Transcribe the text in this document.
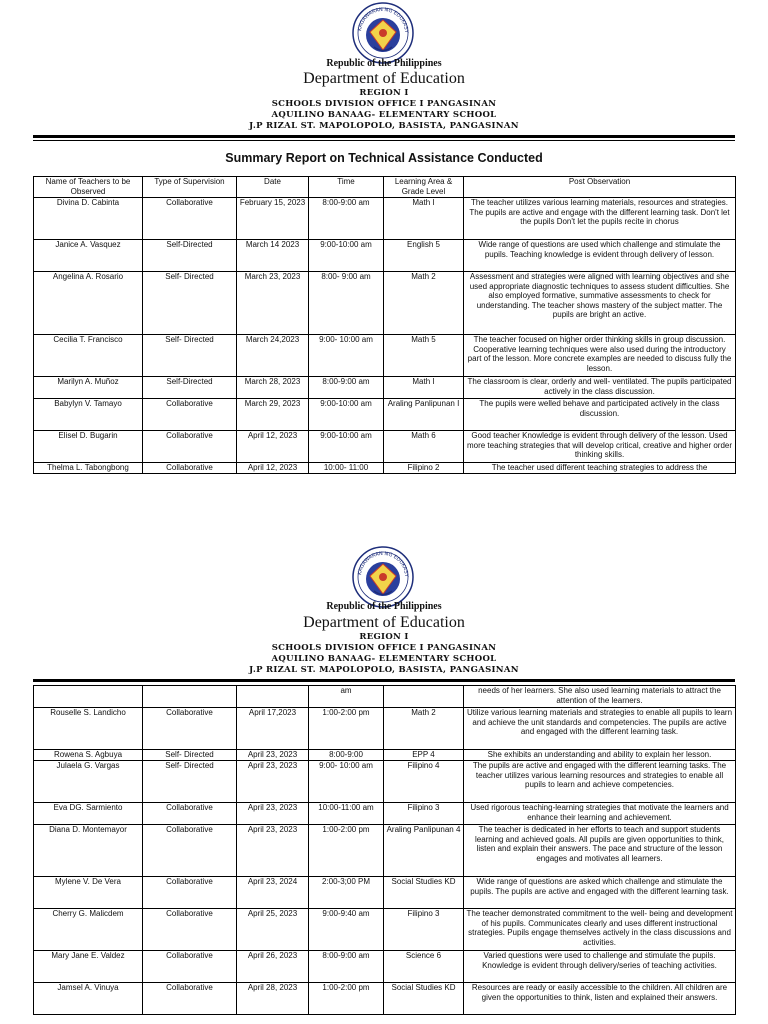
KAGAWARAN NG EDUKASY
Republic of the Philippines
Department of Education
REGION I
SCHOOLS DIVISION OFFICE I PANGASINAN
AQUILINO BANAAG- ELEMENTARY SCHOOL
J.P RIZAL ST. MAPOLOPOLO, BASISTA, PANGASINAN
Summary Report on Technical Assistance Conducted
Name of Teachers to be Observed	Type of Supervision	Date	Time	Learning Area & Grade Level	Post Observation
Divina D. Cabinta	Collaborative	February 15, 2023	8:00-9:00 am	Math I	The teacher utilizes various learning materials, resources and strategies. The pupils are active and engage with the different learning task. Don't let the pupils Don't let the pupils recite in chorus
Janice A. Vasquez	Self-Directed	March 14 2023	9:00-10:00 am	English 5	Wide range of questions are used which challenge and stimulate the pupils. Teaching knowledge is evident through delivery of lesson.
Angelina A. Rosario	Self- Directed	March 23, 2023	8:00- 9:00 am	Math 2	Assessment and strategies were aligned with learning objectives and she used appropriate diagnostic techniques to assess student difficulties. She also employed formative, summative assessments to check for understanding. The teacher shows mastery of the subject matter. The pupils are bright an active.
Cecilia T. Francisco	Self- Directed	March 24,2023	9:00- 10:00 am	Math 5	The teacher focused on higher order thinking skills in group discussion. Cooperative learning techniques were also used during the introductory part of the lesson. More concrete examples are needed to discuss fully the lesson.
Marilyn A. Muñoz	Self-Directed	March 28, 2023	8:00-9:00 am	Math I	The classroom is clear, orderly and well- ventilated. The pupils participated actively in the class discussion.
Babylyn V. Tamayo	Collaborative	March 29, 2023	9:00-10:00 am	Araling Panlipunan I	The pupils were welled behave and participated actively in the class discussion.
Elisel D. Bugarin	Collaborative	April 12, 2023	9:00-10:00 am	Math 6	Good teacher Knowledge is evident through delivery of the lesson. Used more teaching strategies that will develop critical, creative and higher order thinking skills.
Thelma L. Tabongbong	Collaborative	April 12, 2023	10:00- 11:00	Filipino 2	The teacher used different teaching strategies to address the
KAGAWARAN NG EDUKASY
Republic of the Philippines
Department of Education
REGION I
SCHOOLS DIVISION OFFICE I PANGASINAN
AQUILINO BANAAG- ELEMENTARY SCHOOL
J.P RIZAL ST. MAPOLOPOLO, BASISTA, PANGASINAN
			am		needs of her learners. She also used learning materials to attract the attention of the learners.
Rouselle S. Landicho	Collaborative	April 17,2023	1:00-2:00 pm	Math 2	Utilize various learning materials and strategies to enable all pupils to learn and achieve the unit standards and competencies. The pupils are active and engaged with the different learning task.
Rowena S. Agbuya	Self- Directed	April 23, 2023	8:00-9:00	EPP 4	She exhibits an understanding and ability to explain her lesson.
Julaela G. Vargas	Self- Directed	April 23, 2023	9:00- 10:00 am	Filipino 4	The pupils are active and engaged with the different learning tasks. The teacher utilizes various learning resources and strategies to enable all pupils to learn and achieve competencies.
Eva DG. Sarmiento	Collaborative	April 23, 2023	10:00-11:00 am	Filipino 3	Used rigorous teaching-learning strategies that motivate the learners and enhance their learning and achievement.
Diana D. Montemayor	Collaborative	April 23, 2023	1:00-2:00 pm	Araling Panlipunan 4	The teacher is dedicated in her efforts to teach and support students learning and achieved goals. All pupils are given opportunities to think, listen and explain their answers. The pace and structure of the lesson engages and motivates all learners.
Mylene V. De Vera	Collaborative	April 23, 2024	2:00-3;00 PM	Social Studies KD	Wide range of questions are asked which challenge and stimulate the pupils. The pupils are active and engaged with the different learning task.
Cherry G. Malicdem	Collaborative	April 25, 2023	9:00-9:40 am	Filipino 3	The teacher demonstrated commitment to the well- being and development of his pupils. Communicates clearly and uses different instructional strategies. Pupils engage themselves actively in the class discussions and activities.
Mary Jane E. Valdez	Collaborative	April 26, 2023	8:00-9:00 am	Science 6	Varied questions were used to challenge and stimulate the pupils. Knowledge is evident through delivery/series of teaching activities.
Jamsel A. Vinuya	Collaborative	April 28, 2023	1:00-2:00 pm	Social Studies KD	Resources are ready or easily accessible to the children. All children are given the opportunities to think, listen and explained their answers.
